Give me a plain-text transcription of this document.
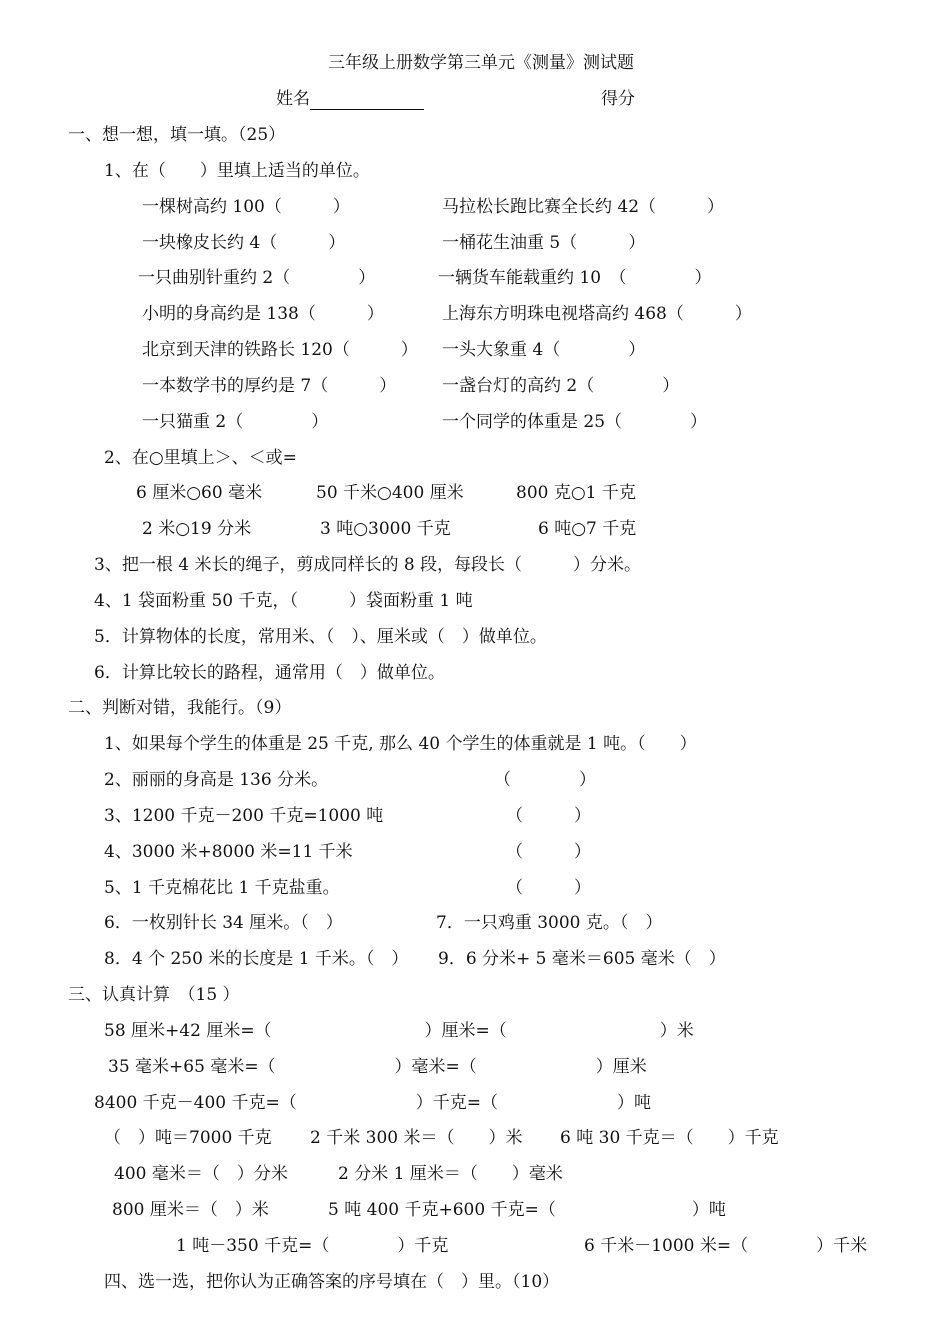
三年级上册数学第三单元《测量》测试题
姓名	得分
一、想一想，填一填。（25）
1、在（　　）里填上适当的单位。
一棵树高约 100（　　　）	马拉松长跑比赛全长约 42（　　　）
一块橡皮长约 4（　　　）	一桶花生油重 5（　　　）
一只曲别针重约 2（　　　　）	一辆货车能载重约 10　（　　　　）
小明的身高约是 138（　　　）	上海东方明珠电视塔高约 468（　　　）
北京到天津的铁路长 120（　　　） 一头大象重 4（　　　　）
一本数学书的厚约是 7（　　　）	一盏台灯的高约 2（　　　　）
一只猫重 2（　　　　）	一个同学的体重是 25（　　　　）
2、在○里填上＞、＜或=
6 厘米○60 毫米	50 千米○400 厘米	800 克○1 千克
2 米○19 分米	3 吨○3000 千克	6 吨○7 千克
3、把一根 4 米长的绳子，剪成同样长的 8 段，每段长（　　　）分米。
4、1 袋面粉重 50 千克，（　　　）袋面粉重 1 吨
5．计算物体的长度，常用米、（　）、厘米或（　）做单位。
6．计算比较长的路程，通常用（　）做单位。
二、判断对错，我能行。（9）
1、如果每个学生的体重是 25 千克, 那么 40 个学生的体重就是 1 吨。（　　）
2、丽丽的身高是 136 分米。	（　　　　）
3、1200 千克－200 千克=1000 吨	（　　　）
4、3000 米+8000 米=11 千米	（　　　）
5、1 千克棉花比 1 千克盐重。	（　　　）
6．一枚别针长 34 厘米。（　）	7．一只鸡重 3000 克。（　）
8．4 个 250 米的长度是 1 千米。（　） 9．6 分米+ 5 毫米＝605 毫米（　）
三、认真计算　（15 ）
58 厘米+42 厘米=（　　　　　　　　　）厘米=（　　　　　　　　　）米
35 毫米+65 毫米=（　　　　　　　）毫米=（　　　　　　　）厘米
8400 千克－400 千克=（　　　　　　　）千克=（　　　　　　　）吨
（　）吨＝7000 千克 2 千米 300 米＝（　　）米 6 吨 30 千克＝（　　）千克
400 毫米＝（　）分米	2 分米 1 厘米＝（　　）毫米
800 厘米＝（　）米	5 吨 400 千克+600 千克=（　　　　　　　　）吨
1 吨－350 千克=（　　　　）千克	6 千米－1000 米=（　　　　）千米
四、选一选，把你认为正确答案的序号填在（　）里。（10）
